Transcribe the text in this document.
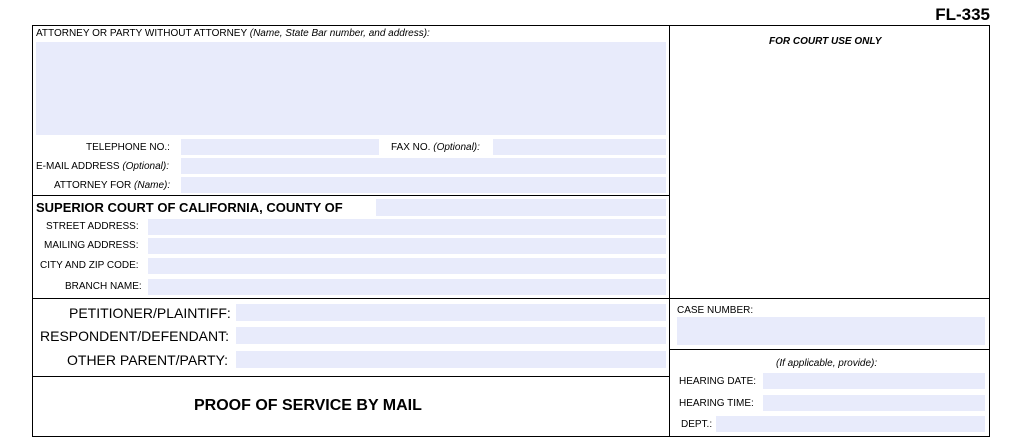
FL-335
ATTORNEY OR PARTY WITHOUT ATTORNEY (Name, State Bar number, and address):
TELEPHONE NO.:	FAX NO. (Optional):
E-MAIL ADDRESS (Optional):
ATTORNEY FOR (Name):
FOR COURT USE ONLY
SUPERIOR COURT OF CALIFORNIA, COUNTY OF
STREET ADDRESS:
MAILING ADDRESS:
CITY AND ZIP CODE:
BRANCH NAME:
PETITIONER/PLAINTIFF:
RESPONDENT/DEFENDANT:
OTHER PARENT/PARTY:
CASE NUMBER:
(If applicable, provide):
HEARING DATE:
HEARING TIME:
DEPT.:
PROOF OF SERVICE BY MAIL
